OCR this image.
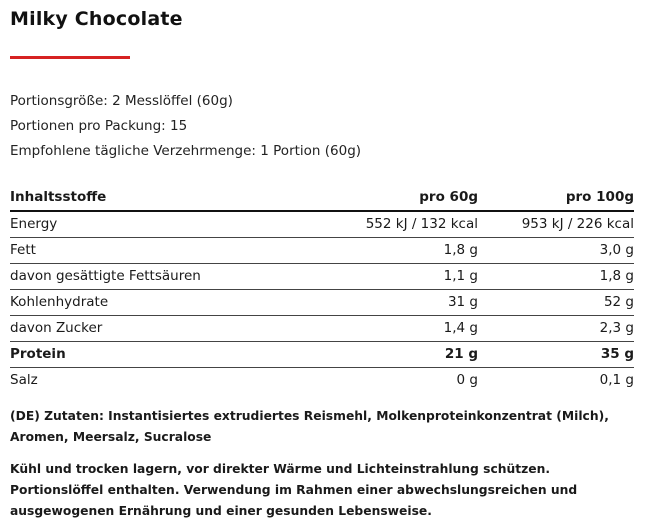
Milky Chocolate
Portionsgröße: 2 Messlöffel (60g)
Portionen pro Packung: 15
Empfohlene tägliche Verzehrmenge: 1 Portion (60g)
Inhaltsstoffe	pro 60g	pro 100g
Energy	552 kJ / 132 kcal	953 kJ / 226 kcal
Fett	1,8 g	3,0 g
davon gesättigte Fettsäuren	1,1 g	1,8 g
Kohlenhydrate	31 g	52 g
davon Zucker	1,4 g	2,3 g
Protein	21 g	35 g
Salz	0 g	0,1 g

(DE) Zutaten: Instantisiertes extrudiertes Reismehl, Molkenproteinkonzentrat (Milch), Aromen, Meersalz, Sucralose

Kühl und trocken lagern, vor direkter Wärme und Lichteinstrahlung schützen. Portionslöffel enthalten. Verwendung im Rahmen einer abwechslungsreichen und ausgewogenen Ernährung und einer gesunden Lebensweise.
